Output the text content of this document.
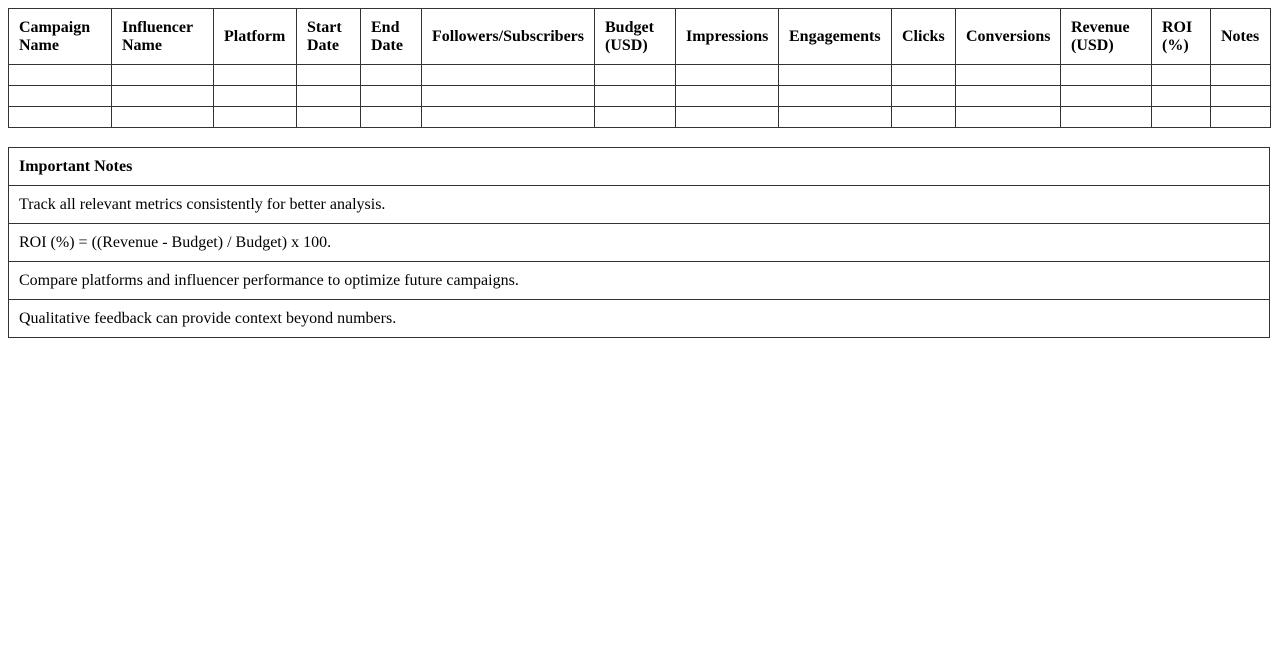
Campaign Name	Influencer Name	Platform	Start Date	End Date	Followers/Subscribers	Budget (USD)	Impressions	Engagements	Clicks	Conversions	Revenue (USD)	ROI (%)	Notes

Important Notes
Track all relevant metrics consistently for better analysis.
ROI (%) = ((Revenue - Budget) / Budget) x 100.
Compare platforms and influencer performance to optimize future campaigns.
Qualitative feedback can provide context beyond numbers.
